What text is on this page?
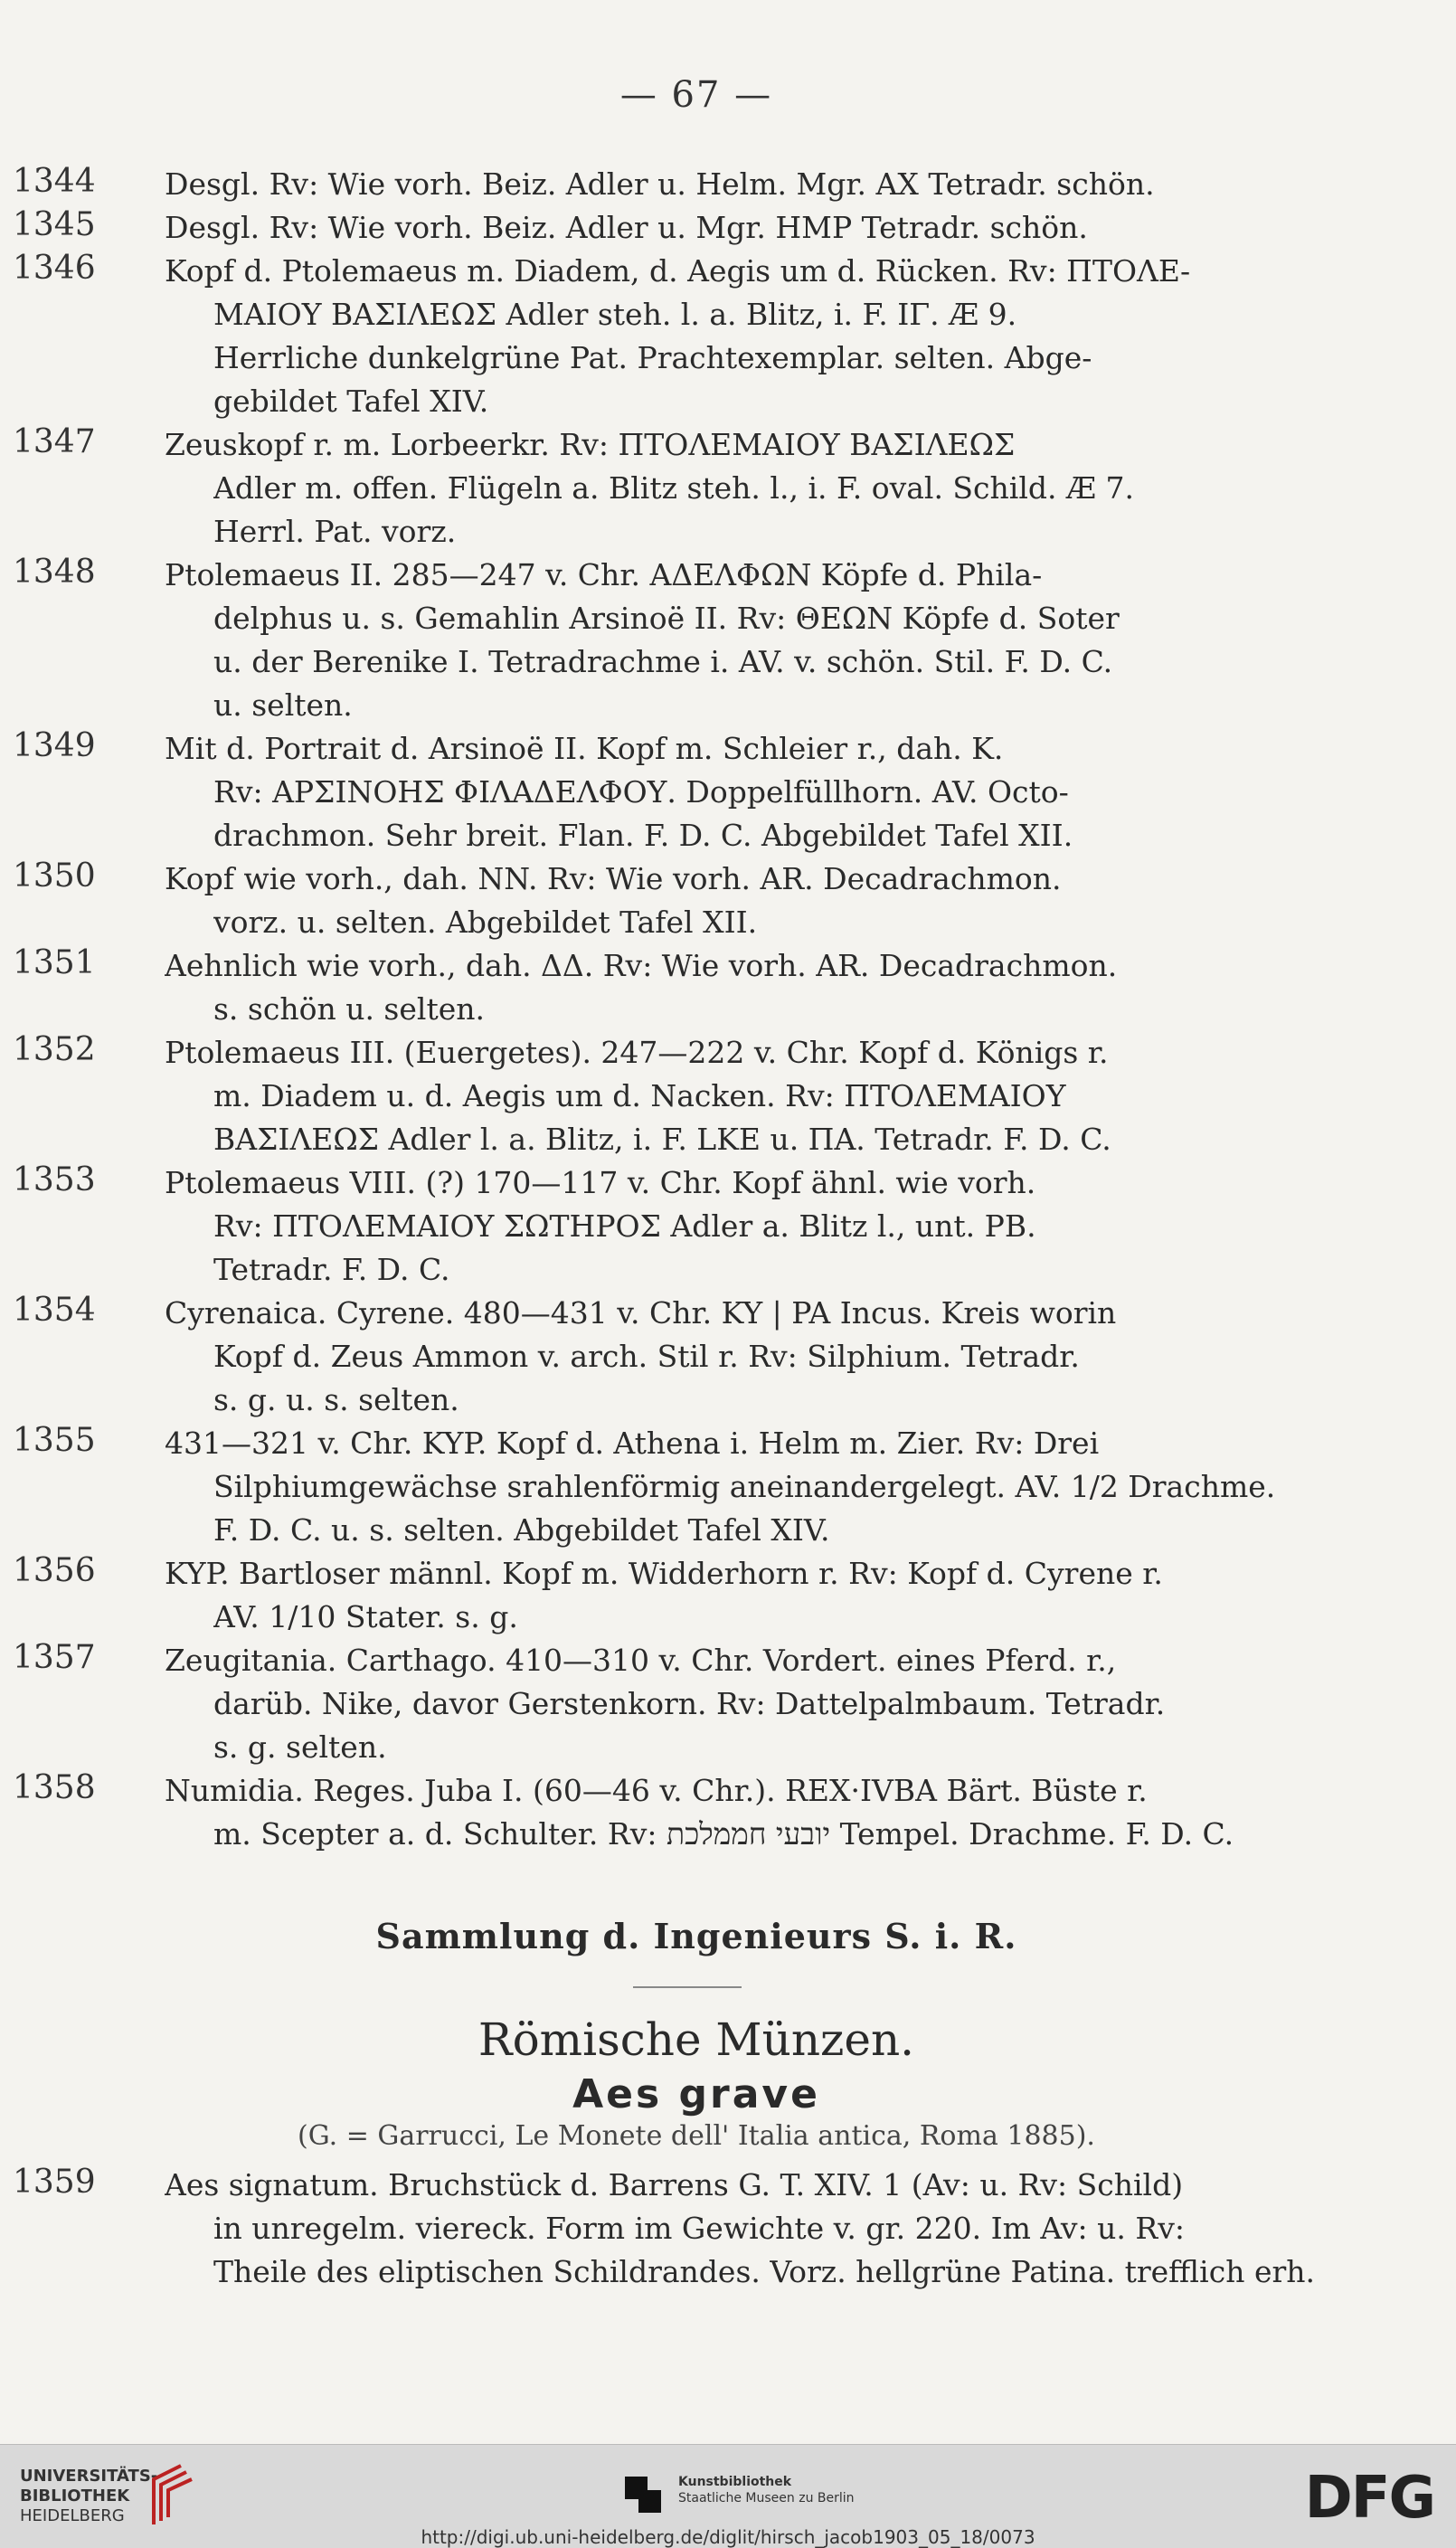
— 67 —
1344 Desgl. Rv: Wie vorh. Beiz. Adler u. Helm. Mgr. AX Tetradr. schön.
1345 Desgl. Rv: Wie vorh. Beiz. Adler u. Mgr. HMP Tetradr. schön.
1346 Kopf d. Ptolemaeus m. Diadem, d. Aegis um d. Rücken. Rv: ΠΤΟΛΕ-
ΜΑΙΟΥ ΒΑΣΙΛΕΩΣ Adler steh. l. a. Blitz, i. F. IΓ. Æ 9.
Herrliche dunkelgrüne Pat. Prachtexemplar. selten. Abge-
gebildet Tafel XIV.
1347 Zeuskopf r. m. Lorbeerkr. Rv: ΠΤΟΛΕΜΑΙΟΥ ΒΑΣΙΛΕΩΣ
Adler m. offen. Flügeln a. Blitz steh. l., i. F. oval. Schild. Æ 7.
Herrl. Pat. vorz.
1348 Ptolemaeus II. 285—247 v. Chr. ΑΔΕΛΦΩΝ Köpfe d. Phila-
delphus u. s. Gemahlin Arsinoë II. Rv: ΘΕΩΝ Köpfe d. Soter
u. der Berenike I. Tetradrachme i. AV. v. schön. Stil. F. D. C.
u. selten.
1349 Mit d. Portrait d. Arsinoë II. Kopf m. Schleier r., dah. K.
Rv: ΑΡΣΙΝΟΗΣ ΦΙΛΑΔΕΛΦΟΥ. Doppelfüllhorn. AV. Octo-
drachmon. Sehr breit. Flan. F. D. C. Abgebildet Tafel XII.
1350 Kopf wie vorh., dah. NN. Rv: Wie vorh. AR. Decadrachmon.
vorz. u. selten. Abgebildet Tafel XII.
1351 Aehnlich wie vorh., dah. ΔΔ. Rv: Wie vorh. AR. Decadrachmon.
s. schön u. selten.
1352 Ptolemaeus III. (Euergetes). 247—222 v. Chr. Kopf d. Königs r.
m. Diadem u. d. Aegis um d. Nacken. Rv: ΠΤΟΛΕΜΑΙΟΥ
ΒΑΣΙΛΕΩΣ Adler l. a. Blitz, i. F. LKE u. ΠΑ. Tetradr. F. D. C.
1353 Ptolemaeus VIII. (?) 170—117 v. Chr. Kopf ähnl. wie vorh.
Rv: ΠΤΟΛΕΜΑΙΟΥ ΣΩΤΗΡΟΣ Adler a. Blitz l., unt. PB.
Tetradr. F. D. C.
1354 Cyrenaica. Cyrene. 480—431 v. Chr. KY | PA Incus. Kreis worin
Kopf d. Zeus Ammon v. arch. Stil r. Rv: Silphium. Tetradr.
s. g. u. s. selten.
1355 431—321 v. Chr. KYP. Kopf d. Athena i. Helm m. Zier. Rv: Drei
Silphiumgewächse srahlenförmig aneinandergelegt. AV. 1/2 Drachme.
F. D. C. u. s. selten. Abgebildet Tafel XIV.
1356 KYP. Bartloser männl. Kopf m. Widderhorn r. Rv: Kopf d. Cyrene r.
AV. 1/10 Stater. s. g.
1357 Zeugitania. Carthago. 410—310 v. Chr. Vordert. eines Pferd. r.,
darüb. Nike, davor Gerstenkorn. Rv: Dattelpalmbaum. Tetradr.
s. g. selten.
1358 Numidia. Reges. Juba I. (60—46 v. Chr.). REX·IVBA Bärt. Büste r.
m. Scepter a. d. Schulter. Rv: יובעי חממלכת Tempel. Drachme. F. D. C.
Sammlung d. Ingenieurs S. i. R.
Römische Münzen.
Aes grave
(G. = Garrucci, Le Monete dell' Italia antica, Roma 1885).
1359 Aes signatum. Bruchstück d. Barrens G. T. XIV. 1 (Av: u. Rv: Schild)
in unregelm. viereck. Form im Gewichte v. gr. 220. Im Av: u. Rv:
Theile des eliptischen Schildrandes. Vorz. hellgrüne Patina. trefflich erh.
UNIVERSITÄTS-
BIBLIOTHEK
HEIDELBERG
Kunstbibliothek
Staatliche Museen zu Berlin	DFG
http://digi.ub.uni-heidelberg.de/diglit/hirsch_jacob1903_05_18/0073
